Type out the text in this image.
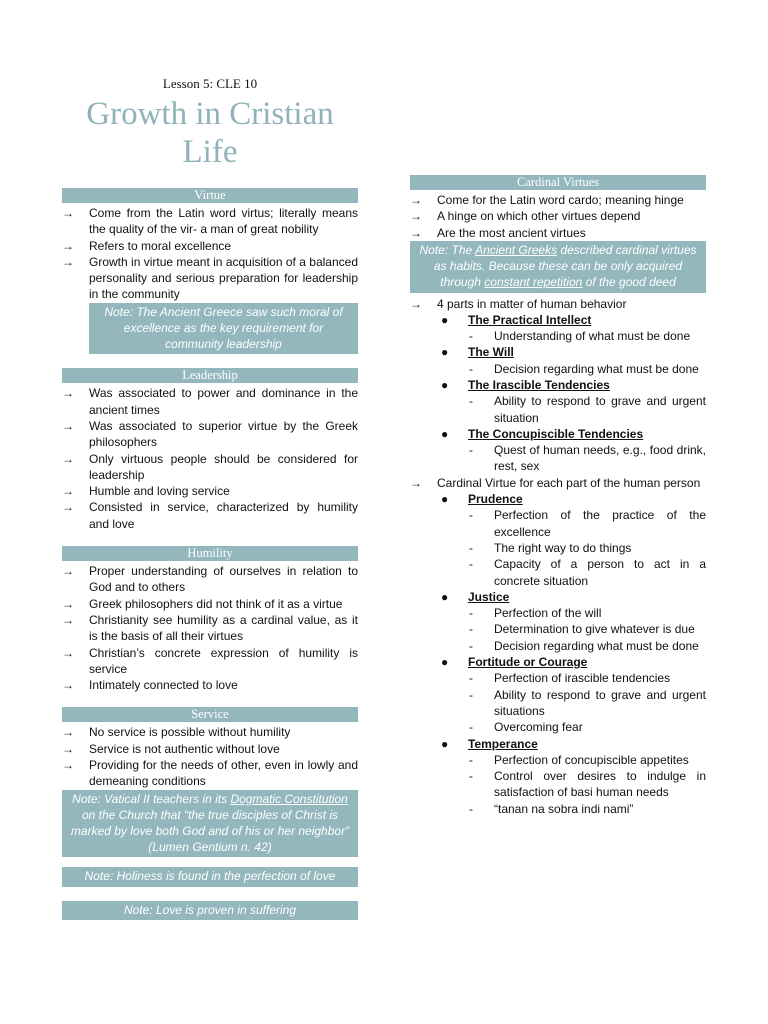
Lesson 5: CLE 10
Growth in Cristian
Life
Virtue
→ Come from the Latin word virtus; literally means the quality of the vir- a man of great nobility
→ Refers to moral excellence
→ Growth in virtue meant in acquisition of a balanced personality and serious preparation for leadership in the community
Note: The Ancient Greece saw such moral of excellence as the key requirement for community leadership
Leadership
→ Was associated to power and dominance in the ancient times
→ Was associated to superior virtue by the Greek philosophers
→ Only virtuous people should be considered for leadership
→ Humble and loving service
→ Consisted in service, characterized by humility and love
Humility
→ Proper understanding of ourselves in relation to God and to others
→ Greek philosophers did not think of it as a virtue
→ Christianity see humility as a cardinal value, as it is the basis of all their virtues
→ Christian’s concrete expression of humility is service
→ Intimately connected to love
Service
→ No service is possible without humility
→ Service is not authentic without love
→ Providing for the needs of other, even in lowly and demeaning conditions
Note: Vatical II teachers in its Dogmatic Constitution on the Church that “the true disciples of Christ is marked by love both God and of his or her neighbor” (Lumen Gentium n. 42)
Note: Holiness is found in the perfection of love
Note: Love is proven in suffering
Cardinal Virtues
→ Come for the Latin word cardo; meaning hinge
→ A hinge on which other virtues depend
→ Are the most ancient virtues
Note: The Ancient Greeks described cardinal virtues as habits. Because these can be only acquired through constant repetition of the good deed
→ 4 parts in matter of human behavior
● The Practical Intellect
- Understanding of what must be done
● The Will
- Decision regarding what must be done
● The Irascible Tendencies
- Ability to respond to grave and urgent situation
● The Concupiscible Tendencies
- Quest of human needs, e.g., food drink, rest, sex
→ Cardinal Virtue for each part of the human person
● Prudence
- Perfection of the practice of the excellence
- The right way to do things
- Capacity of a person to act in a concrete situation
● Justice
- Perfection of the will
- Determination to give whatever is due
- Decision regarding what must be done
● Fortitude or Courage
- Perfection of irascible tendencies
- Ability to respond to grave and urgent situations
- Overcoming fear
● Temperance
- Perfection of concupiscible appetites
- Control over desires to indulge in satisfaction of basi human needs
- “tanan na sobra indi nami”
